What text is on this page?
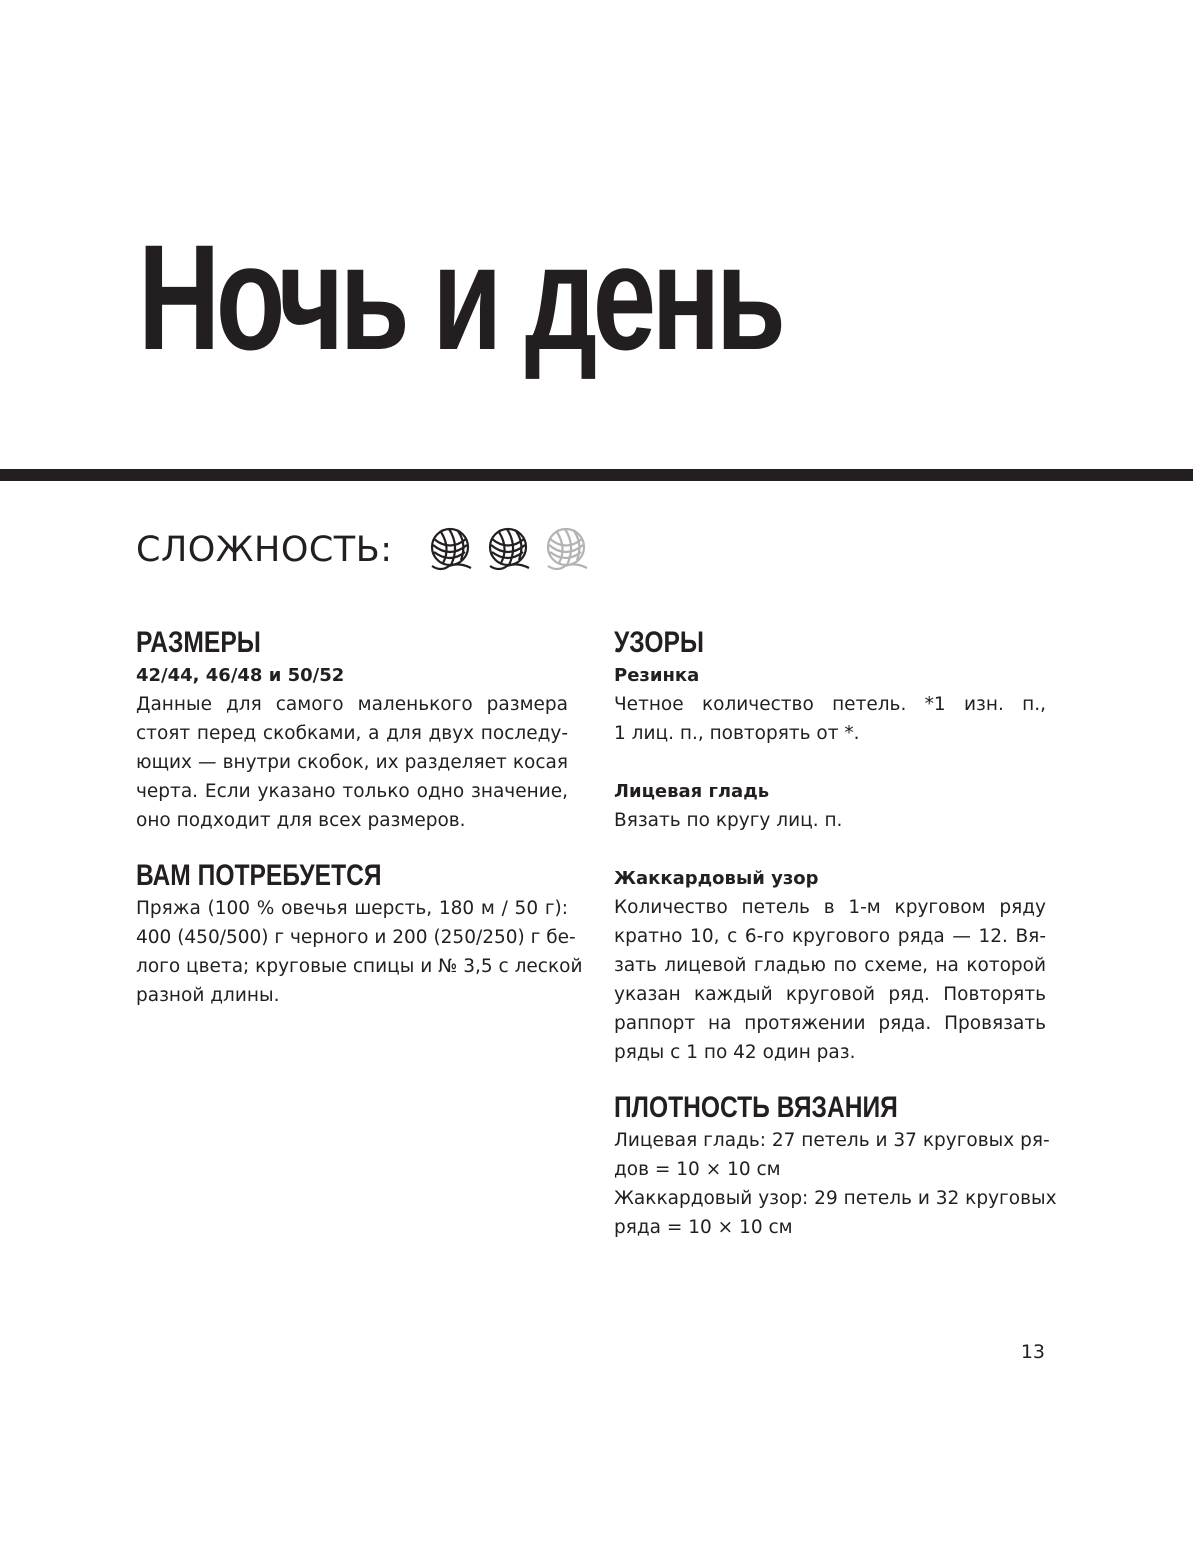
Ночь и день
СЛОЖНОСТЬ:
РАЗМЕРЫ
42/44, 46/48 и 50/52
Данные для самого маленького размера
стоят перед скобками, а для двух последу-
ющих — внутри скобок, их разделяет косая
черта. Если указано только одно значение,
оно подходит для всех размеров.
ВАМ ПОТРЕБУЕТСЯ
Пряжа (100 % овечья шерсть, 180 м / 50 г):
400 (450/500) г черного и 200 (250/250) г бе-
лого цвета; круговые спицы и № 3,5 с леской
разной длины.
УЗОРЫ
Резинка
Четное количество петель. *1 изн. п.,
1 лиц. п., повторять от *.
Лицевая гладь
Вязать по кругу лиц. п.
Жаккардовый узор
Количество петель в 1-м круговом ряду
кратно 10, с 6-го кругового ряда — 12. Вя-
зать лицевой гладью по схеме, на которой
указан каждый круговой ряд. Повторять
раппорт на протяжении ряда. Провязать
ряды с 1 по 42 один раз.
ПЛОТНОСТЬ ВЯЗАНИЯ
Лицевая гладь: 27 петель и 37 круговых ря-
дов = 10 × 10 см
Жаккардовый узор: 29 петель и 32 круговых
ряда = 10 × 10 см
13
